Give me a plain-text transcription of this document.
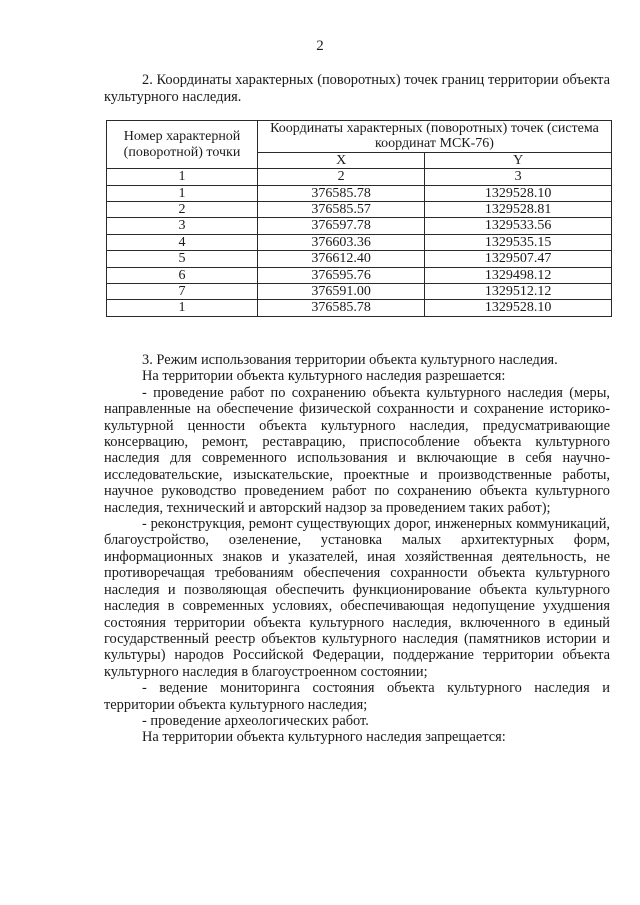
2
2. Координаты характерных (поворотных) точек границ территории объекта культурного наследия.
Номер характерной (поворотной) точки	Координаты характерных (поворотных) точек (система координат МСК-76)	
	X	Y
1	2	3
1	376585.78	1329528.10
2	376585.57	1329528.81
3	376597.78	1329533.56
4	376603.36	1329535.15
5	376612.40	1329507.47
6	376595.76	1329498.12
7	376591.00	1329512.12
1	376585.78	1329528.10

3. Режим использования территории объекта культурного наследия.

На территории объекта культурного наследия разрешается:

- проведение работ по сохранению объекта культурного наследия (меры, направленные на обеспечение физической сохранности и сохранение историко-культурной ценности объекта культурного наследия, предусматривающие консервацию, ремонт, реставрацию, приспособление объекта культурного наследия для современного использования и включающие в себя научно-исследовательские, изыскательские, проектные и производственные работы, научное руководство проведением работ по сохранению объекта культурного наследия, технический и авторский надзор за проведением таких работ);

- реконструкция, ремонт существующих дорог, инженерных коммуникаций, благоустройство, озеленение, установка малых архитектурных форм, информационных знаков и указателей, иная хозяйственная деятельность, не противоречащая требованиям обеспечения сохранности объекта культурного наследия и позволяющая обеспечить функционирование объекта культурного наследия в современных условиях, обеспечивающая недопущение ухудшения состояния территории объекта культурного наследия, включенного в единый государственный реестр объектов культурного наследия (памятников истории и культуры) народов Российской Федерации, поддержание территории объекта культурного наследия в благоустроенном состоянии;

- ведение мониторинга состояния объекта культурного наследия и территории объекта культурного наследия;

- проведение археологических работ.

На территории объекта культурного наследия запрещается:
